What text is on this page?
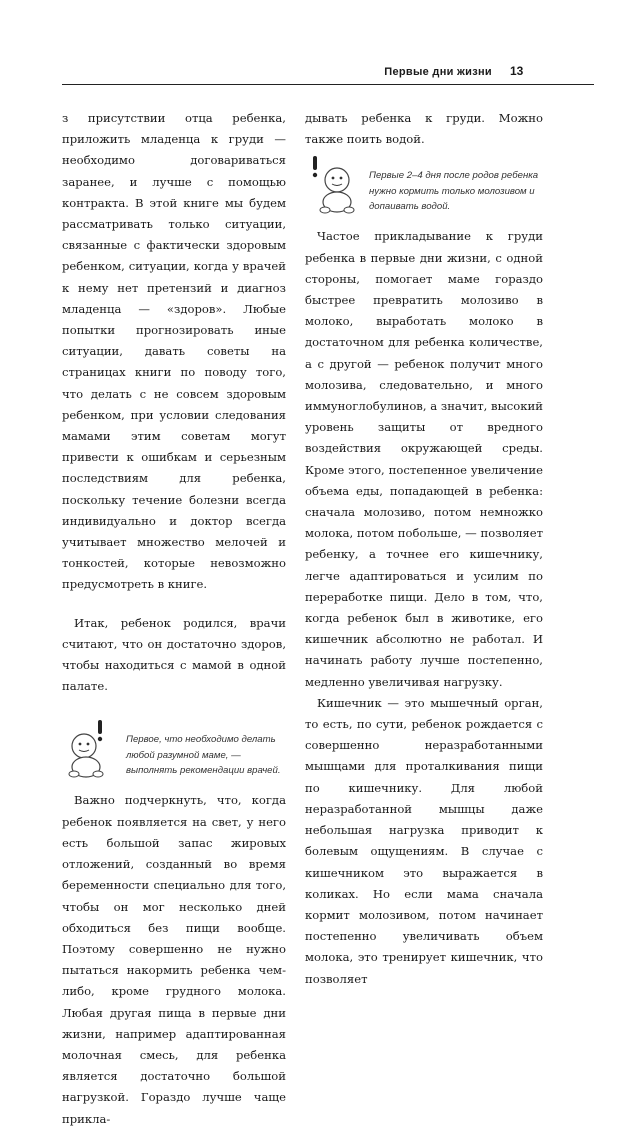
Первые дни жизни 13

з присутствии отца ребенка, приложить младенца к груди — необходимо договариваться заранее, и лучше с помощью контракта. В этой книге мы будем рассматривать только ситуации, связанные с фактически здоровым ребенком, ситуации, когда у врачей к нему нет претензий и диагноз младенца — «здоров». Любые попытки прогнозировать иные ситуации, давать советы на страницах книги по поводу того, что делать с не совсем здоровым ребенком, при условии следования мамами этим советам могут привести к ошибкам и серьезным последствиям для ребенка, поскольку течение болезни всегда индивидуально и доктор всегда учитывает множество мелочей и тонкостей, которые невозможно предусмотреть в книге.

Итак, ребенок родился, врачи считают, что он достаточно здоров, чтобы находиться с мамой в одной палате.

Первое, что необходимо делать любой разумной маме, — выполнять рекомендации врачей.

Важно подчеркнуть, что, когда ребенок появляется на свет, у него есть большой запас жировых отложений, созданный во время беременности специально для того, чтобы он мог несколько дней обходиться без пищи вообще. Поэтому совершенно не нужно пытаться накормить ребенка чем-либо, кроме грудного молока. Любая другая пища в первые дни жизни, например адаптированная молочная смесь, для ребенка является достаточно большой нагрузкой. Гораздо лучше чаще прикла-

дывать ребенка к груди. Можно также поить водой.

Первые 2–4 дня после родов ребенка нужно кормить только молозивом и допаивать водой.

Частое прикладывание к груди ребенка в первые дни жизни, с одной стороны, помогает маме гораздо быстрее превратить молозиво в молоко, выработать молоко в достаточном для ребенка количестве, а с другой — ребенок получит много молозива, следовательно, и много иммуноглобулинов, а значит, высокий уровень защиты от вредного воздействия окружающей среды. Кроме этого, постепенное увеличение объема еды, попадающей в ребенка: сначала молозиво, потом немножко молока, потом побольше, — позволяет ребенку, а точнее его кишечнику, легче адаптироваться и усилим по переработке пищи. Дело в том, что, когда ребенок был в животике, его кишечник абсолютно не работал. И начинать работу лучше постепенно, медленно увеличивая нагрузку.

Кишечник — это мышечный орган, то есть, по сути, ребенок рождается с совершенно неразработанными мышцами для проталкивания пищи по кишечнику. Для любой неразработанной мышцы даже небольшая нагрузка приводит к болевым ощущениям. В случае с кишечником это выражается в коликах. Но если мама сначала кормит молозивом, потом начинает постепенно увеличивать объем молока, это тренирует кишечник, что позволяет
